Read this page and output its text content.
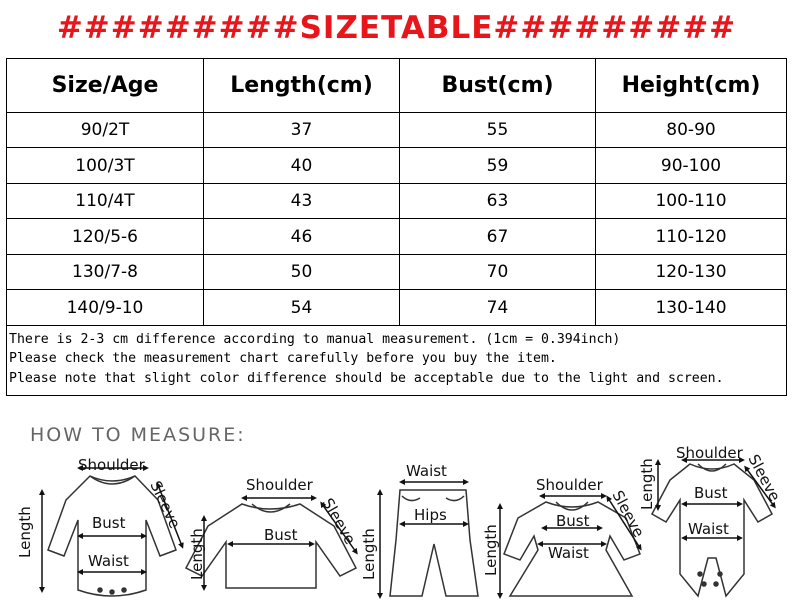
#########SIZETABLE#########
Size/Age	Length(cm)	Bust(cm)	Height(cm)
90/2T	37	55	80-90
100/3T	40	59	90-100
110/4T	43	63	100-110
120/5-6	46	67	110-120
130/7-8	50	70	120-130
140/9-10	54	74	130-140

There is 2-3 cm difference according to manual measurement. (1cm = 0.394inch)
Please check the measurement chart carefully before you buy the item.
Please note that slight color difference should be acceptable due to the light and screen.			
HOW TO MEASURE:
Shoulder
Sleeve
Length	Bust
Waist
Shoulder
Sleeve
Length	Bust
Waist
Hips
Length
Shoulder
Sleeve
Bust
Waist
Length
Shoulder Sleeve
Bust
Waist
Length
